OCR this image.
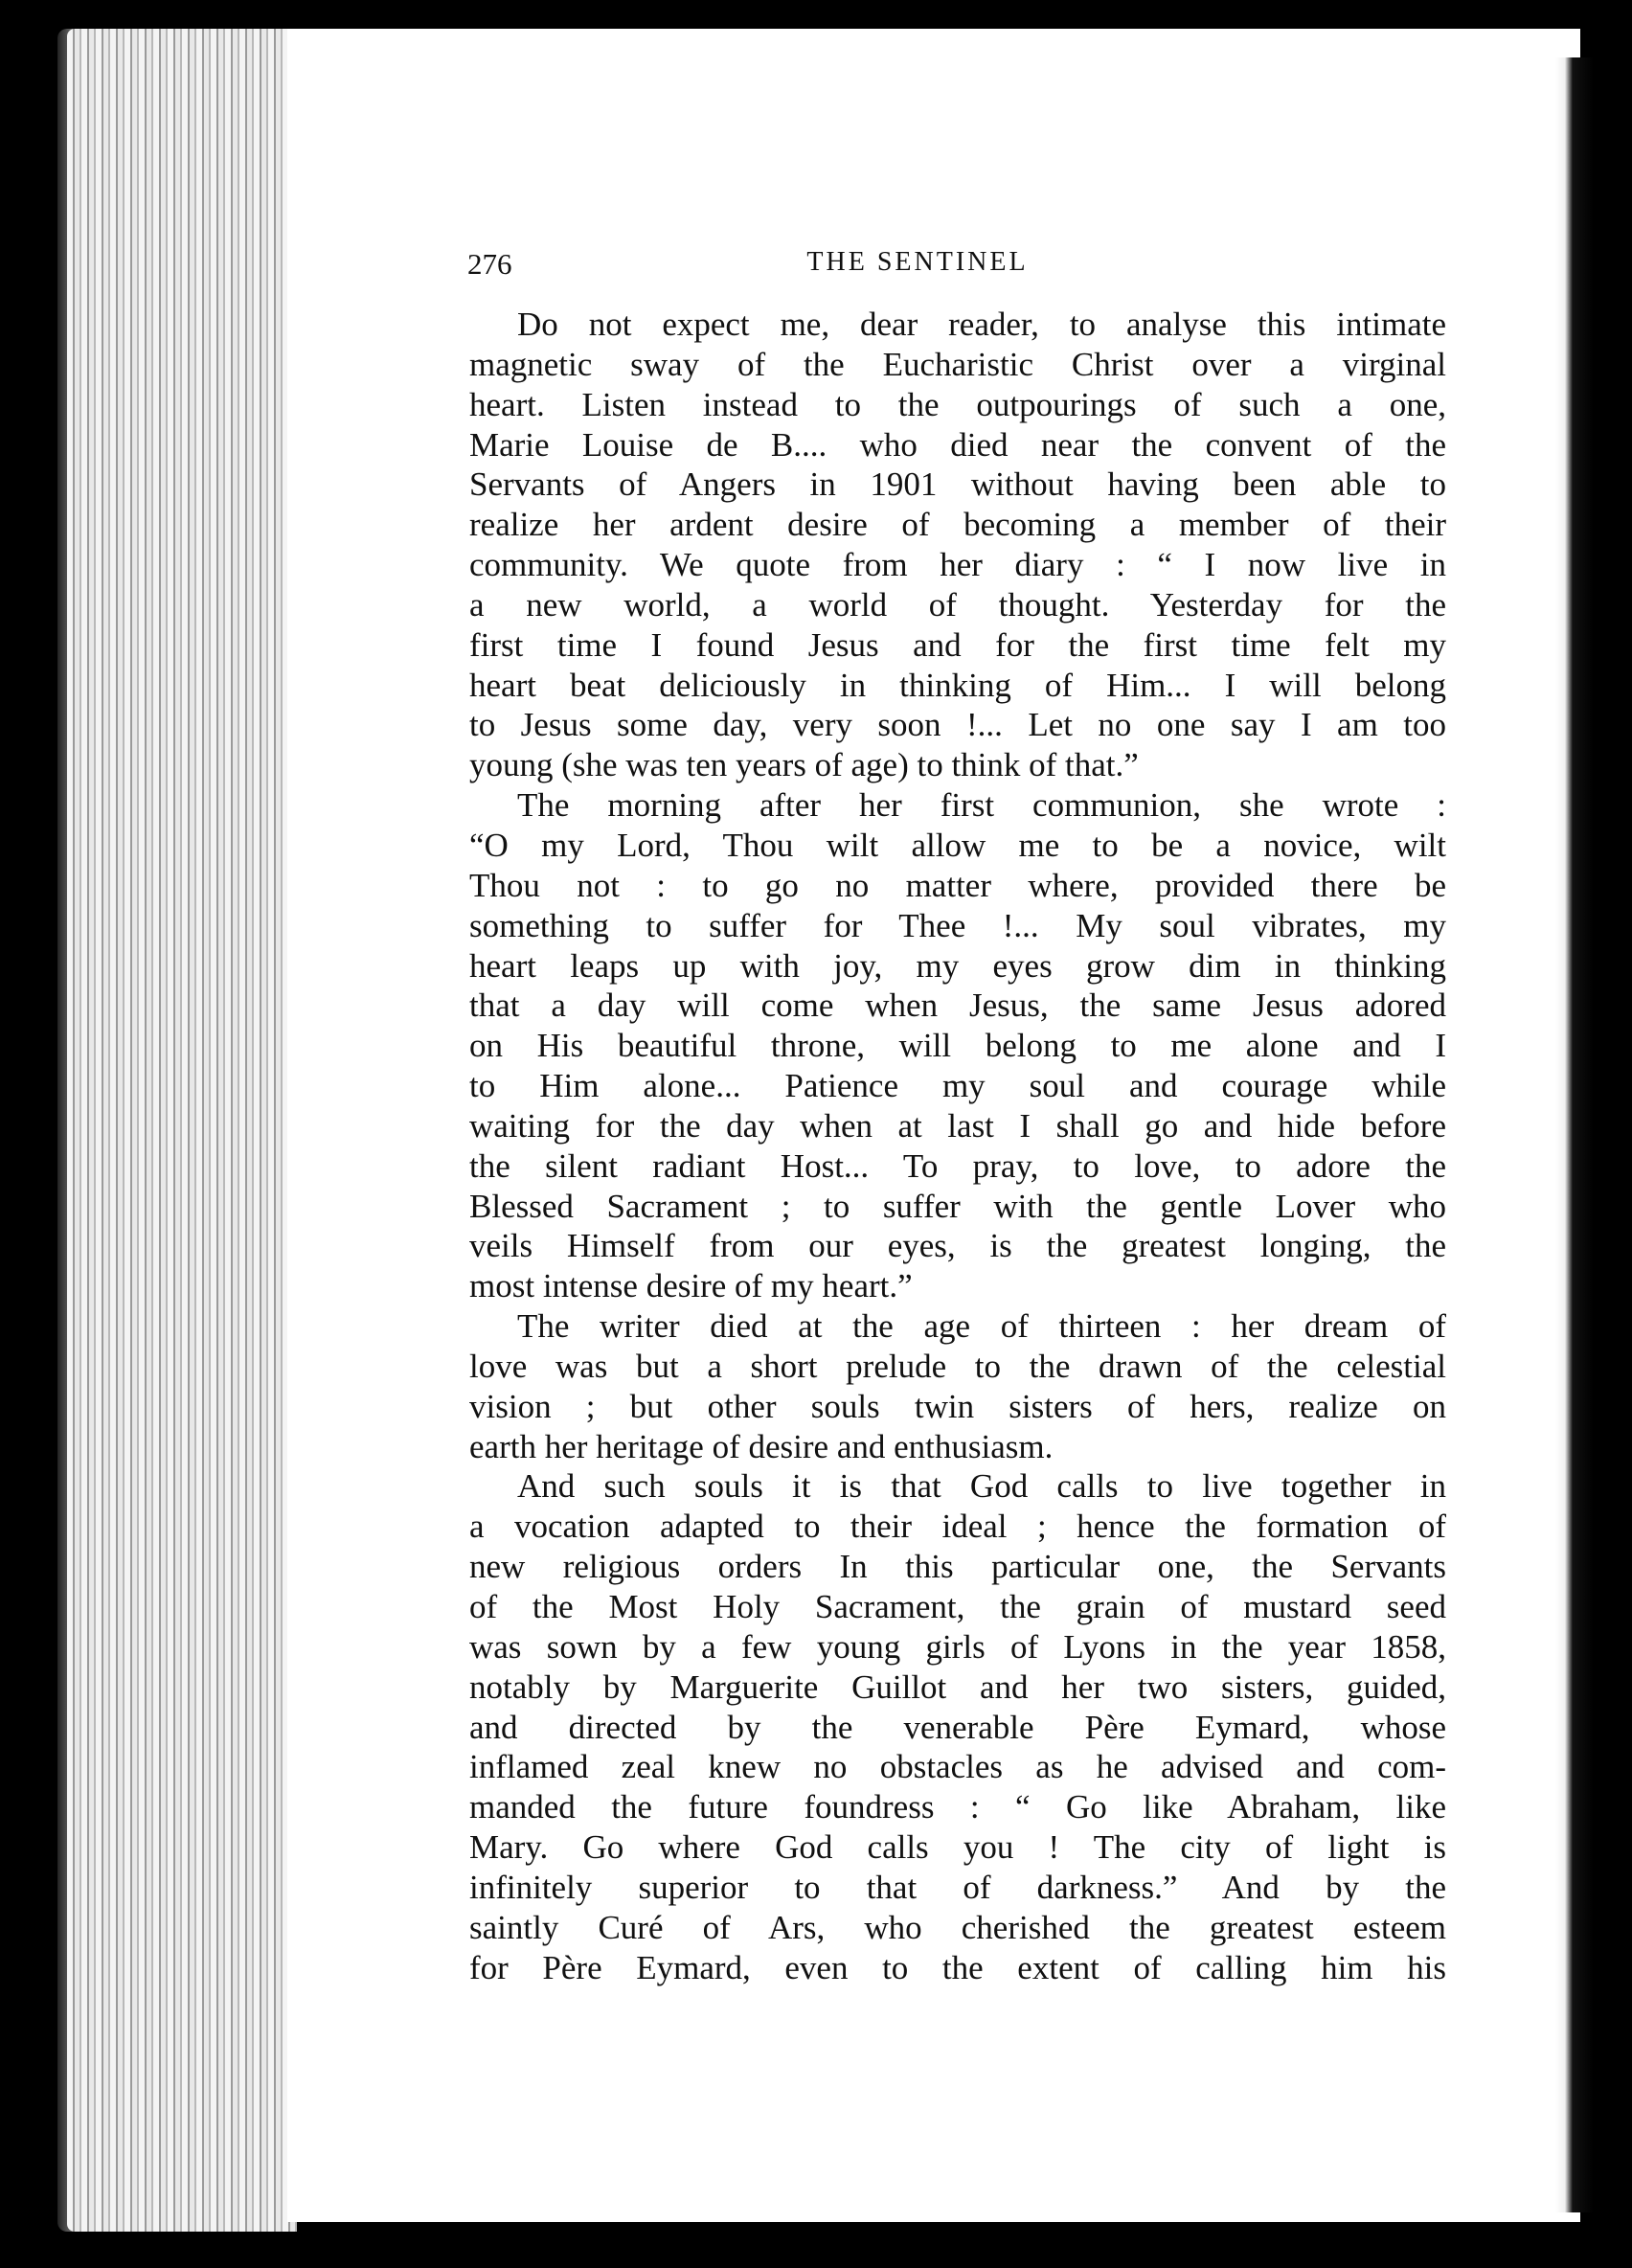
276	THE SENTINEL
Do not expect me, dear reader, to analyse this intimate
magnetic sway of the Eucharistic Christ over a virginal
heart. Listen instead to the outpourings of such a one,
Marie Louise de B.... who died near the convent of the
Servants of Angers in 1901 without having been able to
realize her ardent desire of becoming a member of their
community. We quote from her diary : “ I now live in
a new world, a world of thought. Yesterday for the
first time I found Jesus and for the first time felt my
heart beat deliciously in thinking of Him... I will belong
to Jesus some day, very soon !... Let no one say I am too
young (she was ten years of age) to think of that.”
The morning after her first communion, she wrote :
“O my Lord, Thou wilt allow me to be a novice, wilt
Thou not : to go no matter where, provided there be
something to suffer for Thee !... My soul vibrates, my
heart leaps up with joy, my eyes grow dim in thinking
that a day will come when Jesus, the same Jesus adored
on His beautiful throne, will belong to me alone and I
to Him alone... Patience my soul and courage while
waiting for the day when at last I shall go and hide before
the silent radiant Host... To pray, to love, to adore the
Blessed Sacrament ; to suffer with the gentle Lover who
veils Himself from our eyes, is the greatest longing, the
most intense desire of my heart.”
The writer died at the age of thirteen : her dream of
love was but a short prelude to the drawn of the celestial
vision ; but other souls twin sisters of hers, realize on
earth her heritage of desire and enthusiasm.
And such souls it is that God calls to live together in
a vocation adapted to their ideal ; hence the formation of
new religious orders In this particular one, the Servants
of the Most Holy Sacrament, the grain of mustard seed
was sown by a few young girls of Lyons in the year 1858,
notably by Marguerite Guillot and her two sisters, guided,
and directed by the venerable Père Eymard, whose
inflamed zeal knew no obstacles as he advised and com-
manded the future foundress : “ Go like Abraham, like
Mary. Go where God calls you ! The city of light is
infinitely superior to that of darkness.” And by the
saintly Curé of Ars, who cherished the greatest esteem
for Père Eymard, even to the extent of calling him his
